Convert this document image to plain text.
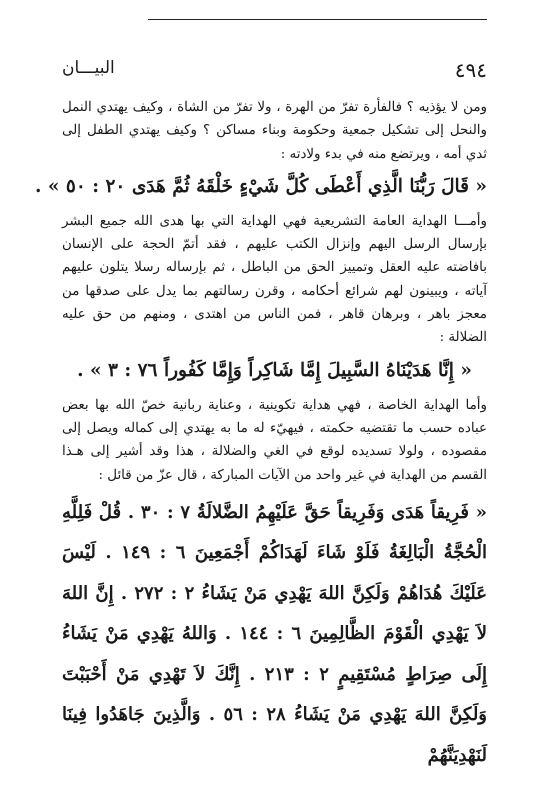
٤٩٤
البيـــان

ومن لا يؤذيه ؟ فالفأرة تفرّ من الهرة ، ولا تفرّ من الشاة ، وكيف يهتدي النمل والنحل إلى تشكيل جمعية وحكومة وبناء مساكن ؟ وكيف يهتدي الطفل إلى ثدي أمه ، ويرتضع منه في بدء ولادته :

« قَالَ رَبُّنَا الَّذِي أَعْطَى كُلَّ شَيْءٍ خَلْقَهُ ثُمَّ هَدَى ٢٠ : ٥٠ » .

وأمـــا الهداية العامة التشريعية فهي الهداية التي بها هدى الله جميع البشر بإرسال الرسل اليهم وإنزال الكتب عليهم ، فقد أتمّ الحجة على الإنسان بافاضته عليه العقل وتمييز الحق من الباطل ، ثم بإرساله رسلا يتلون عليهم آياته ، ويبينون لهم شرائع أحكامه ، وقرن رسالتهم بما يدل على صدقها من معجز باهر ، وبرهان قاهر ، فمن الناس من اهتدى ، ومنهم من حق عليه الضلالة :

« إِنَّا هَدَيْنَاهُ السَّبِيلَ إِمَّا شَاكِراً وَإِمَّا كَفُوراً ٧٦ : ٣ » .

وأما الهداية الخاصة ، فهي هداية تكوينية ، وعناية ربانية خصّ الله بها بعض عباده حسب ما تقتضيه حكمته ، فيهيّء له ما به يهتدي إلى كماله ويصل إلى مقصوده ، ولولا تسديده لوقع في الغي والضلالة ، هذا وقد أشير إلى هـذا القسم من الهداية في غير واحد من الآيات المباركة ، قال عزّ من قائل :

« فَرِيقاً هَدَى وَفَرِيقاً حَقَّ عَلَيْهِمُ الضَّلالَةُ ٧ : ٣٠ . قُلْ فَلِلَّهِ الْحُجَّةُ الْبَالِغَةُ فَلَوْ شَاءَ لَهَدَاكُمْ أَجْمَعِينَ ٦ : ١٤٩ . لَيْسَ عَلَيْكَ هُدَاهُمْ وَلَكِنَّ اللهَ يَهْدِي مَنْ يَشَاءُ ٢ : ٢٧٢ . إِنَّ اللهَ لاَ يَهْدِي الْقَوْمَ الظَّالِمِينَ ٦ : ١٤٤ . وَاللهُ يَهْدِي مَنْ يَشَاءُ إِلَى صِرَاطٍ مُسْتَقِيمٍ ٢ : ٢١٣ . إِنَّكَ لاَ تَهْدِي مَنْ أَحْبَبْتَ وَلَكِنَّ اللهَ يَهْدِي مَنْ يَشَاءُ ٢٨ : ٥٦ . وَالَّذِينَ جَاهَدُوا فِينَا لَنَهْدِيَنَّهُمْ
